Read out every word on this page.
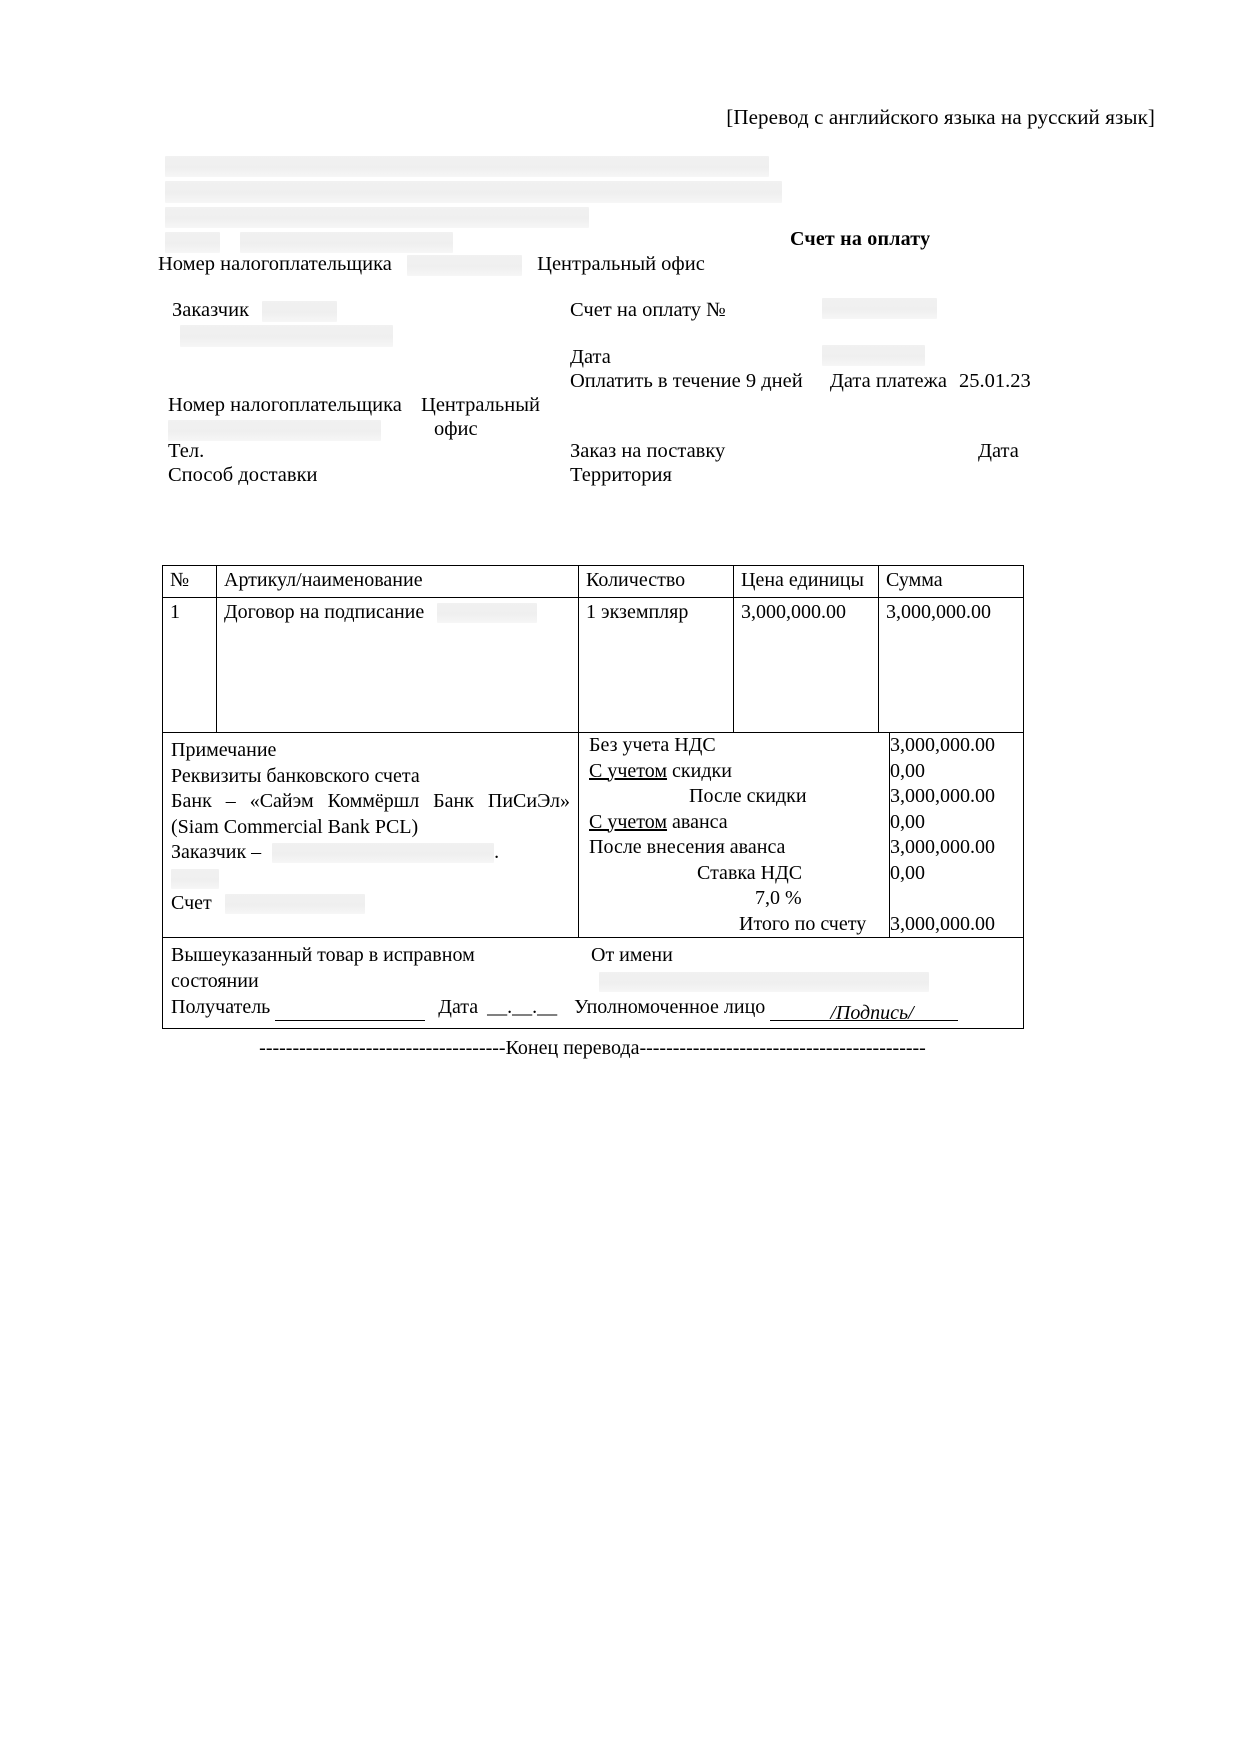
[Перевод с английского языка на русский язык]
Счет на оплату
Номер налогоплательщика	Центральный офис
Заказчик
Номер налогоплательщика Центральный
офис
Тел.
Способ доставки
Счет на оплату №
Дата
Оплатить в течение 9 дней Дата платежа 25.01.23
Заказ на поставку	Дата
Территория
№	Артикул/наименование	Количество	Цена единицы	Сумма
1	Договор на подписание	1 экземпляр	3,000,000.00	3,000,000.00

Примечание
Реквизиты банковского счета
Банк – «Сайэм Коммёршл Банк ПиСиЭл»
(Siam Commercial Bank PCL)
Заказчик –	.
Счет

Без учета НДС	3,000,000.00
С учетом скидки	0,00
После скидки	3,000,000.00
С учетом аванса	0,00
После внесения аванса	3,000,000.00
Ставка НДС7,0 %	0,00
Итого по счету	3,000,000.00

Вышеуказанный товар в исправном
состоянии
От имени
Получатель	Дата __.__.__ Уполномоченное лицо	/Подпись/
-------------------------------------Конец перевода-------------------------------------------
